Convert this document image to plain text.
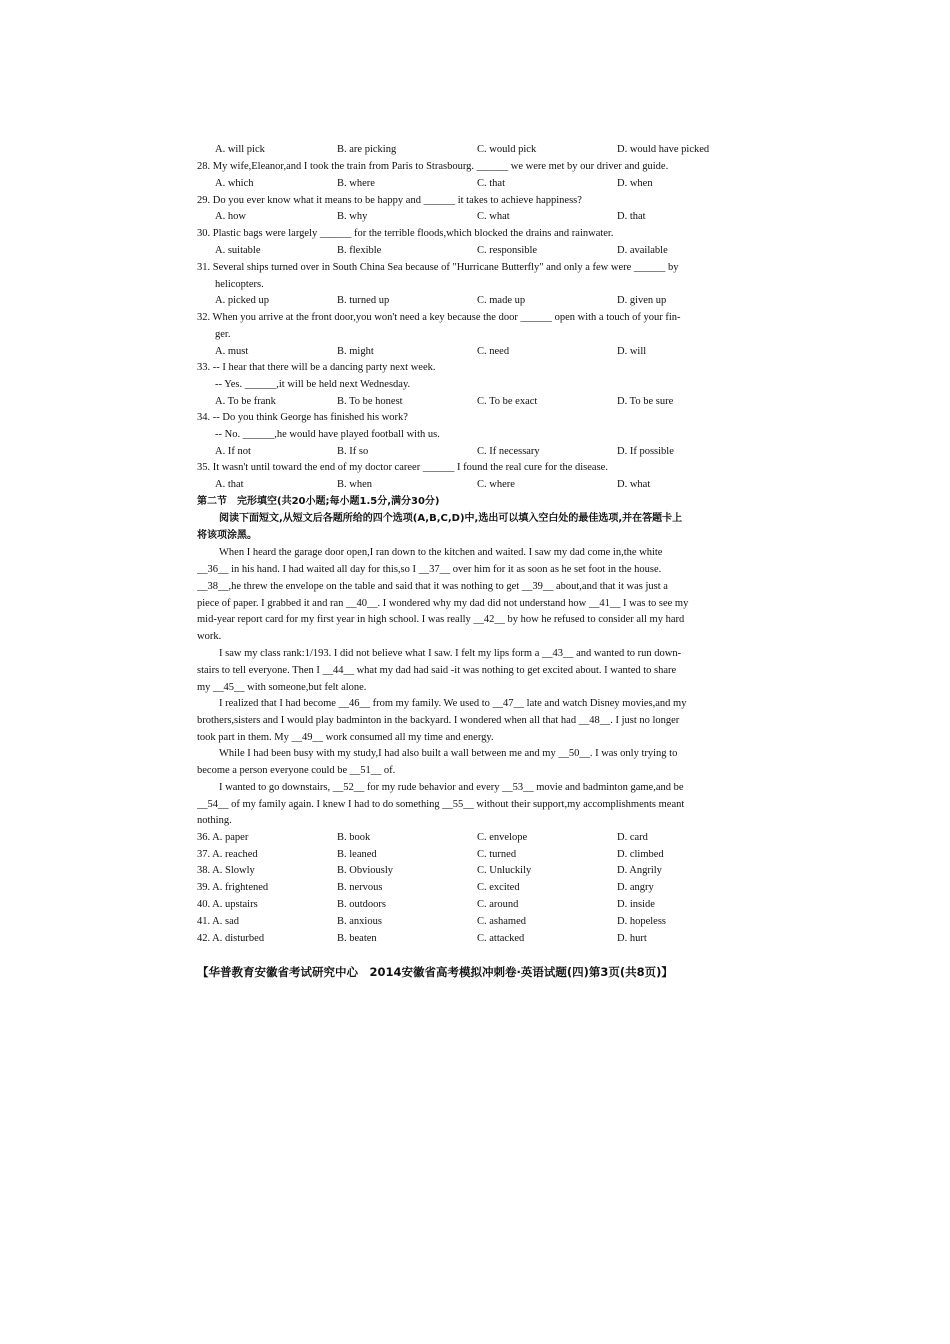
A. will pick	B. are picking	C. would pick	D. would have picked
28. My wife,Eleanor,and I took the train from Paris to Strasbourg. ______ we were met by our driver and guide.
A. which	B. where	C. that	D. when
29. Do you ever know what it means to be happy and ______ it takes to achieve happiness?
A. how	B. why	C. what	D. that
30. Plastic bags were largely ______ for the terrible floods,which blocked the drains and rainwater.
A. suitable	B. flexible	C. responsible	D. available
31. Several ships turned over in South China Sea because of "Hurricane Butterfly" and only a few were ______ by
helicopters.
A. picked up	B. turned up	C. made up	D. given up
32. When you arrive at the front door,you won't need a key because the door ______ open with a touch of your fin-
ger.
A. must	B. might	C. need	D. will
33. -- I hear that there will be a dancing party next week.
-- Yes. ______,it will be held next Wednesday.
A. To be frank	B. To be honest	C. To be exact	D. To be sure
34. -- Do you think George has finished his work?
-- No. ______,he would have played football with us.
A. If not	B. If so	C. If necessary	D. If possible
35. It wasn't until toward the end of my doctor career ______ I found the real cure for the disease.
A. that	B. when	C. where	D. what
第二节　完形填空(共20小题;每小题1.5分,满分30分)
阅读下面短文,从短文后各题所给的四个选项(A,B,C,D)中,选出可以填入空白处的最佳选项,并在答题卡上
将该项涂黑。
When I heard the garage door open,I ran down to the kitchen and waited. I saw my dad come in,the white
__36__ in his hand. I had waited all day for this,so I __37__ over him for it as soon as he set foot in the house.
__38__,he threw the envelope on the table and said that it was nothing to get __39__ about,and that it was just a
piece of paper. I grabbed it and ran __40__. I wondered why my dad did not understand how __41__ I was to see my
mid-year report card for my first year in high school. I was really __42__ by how he refused to consider all my hard
work.
I saw my class rank:1/193. I did not believe what I saw. I felt my lips form a __43__ and wanted to run down-
stairs to tell everyone. Then I __44__ what my dad had said -it was nothing to get excited about. I wanted to share
my __45__ with someone,but felt alone.
I realized that I had become __46__ from my family. We used to __47__ late and watch Disney movies,and my
brothers,sisters and I would play badminton in the backyard. I wondered when all that had __48__. I just no longer
took part in them. My __49__ work consumed all my time and energy.
While I had been busy with my study,I had also built a wall between me and my __50__. I was only trying to
become a person everyone could be __51__ of.
I wanted to go downstairs, __52__ for my rude behavior and every __53__ movie and badminton game,and be
__54__ of my family again. I knew I had to do something __55__ without their support,my accomplishments meant
nothing.
36. A. paper	B. book	C. envelope	D. card
37. A. reached	B. leaned	C. turned	D. climbed
38. A. Slowly	B. Obviously	C. Unluckily	D. Angrily
39. A. frightened	B. nervous	C. excited	D. angry
40. A. upstairs	B. outdoors	C. around	D. inside
41. A. sad	B. anxious	C. ashamed	D. hopeless
42. A. disturbed	B. beaten	C. attacked	D. hurt
【华普教育安徽省考试研究中心　2014安徽省高考模拟冲刺卷·英语试题(四)第3页(共8页)】
